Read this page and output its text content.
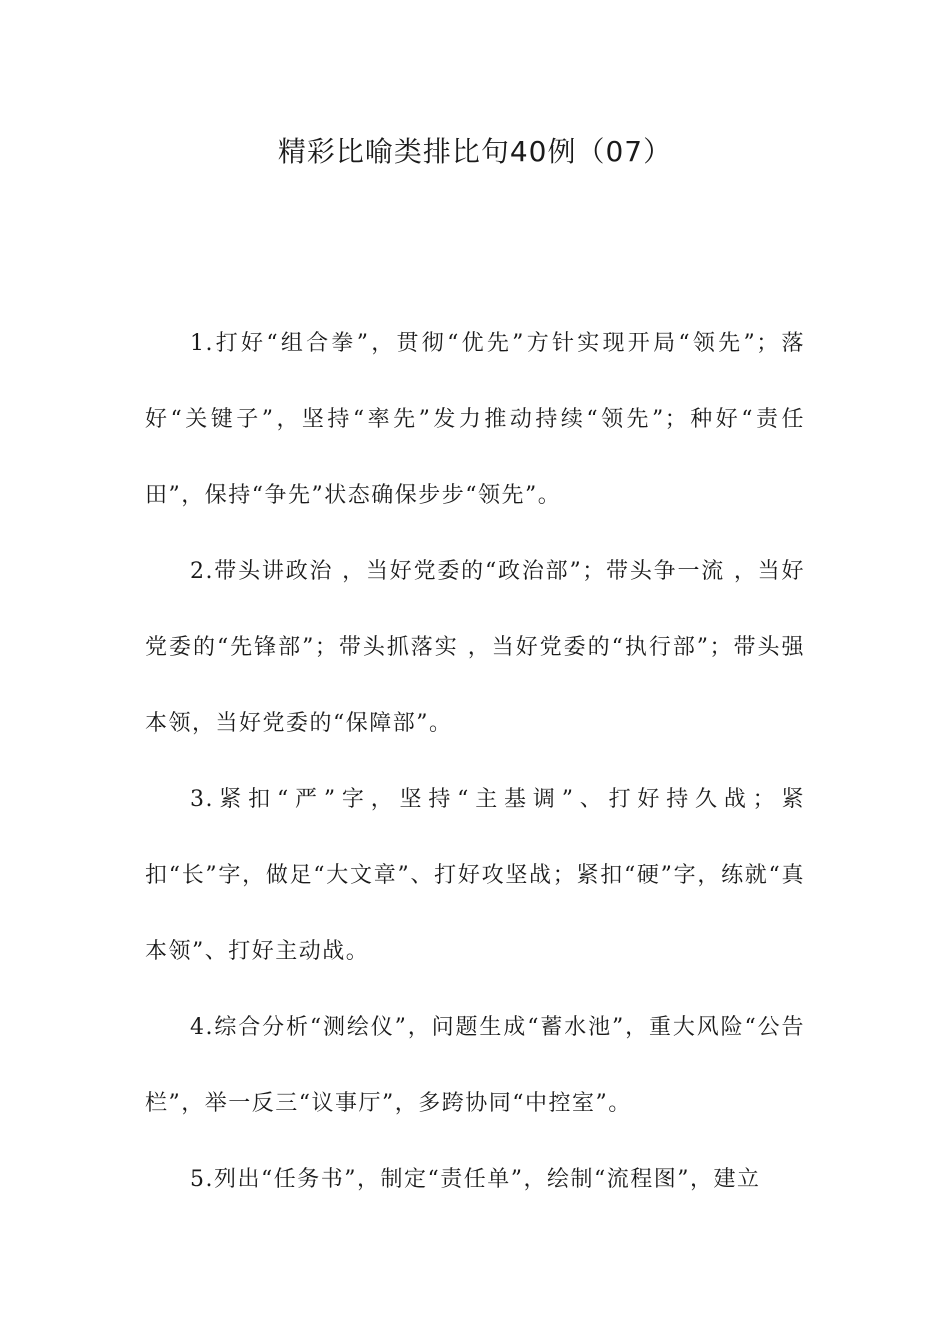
精彩比喻类排比句40例（07）

1.打好“组合拳”，贯彻“优先”方针实现开局“领先”；落好“关键子”，坚持“率先”发力推动持续“领先”；种好“责任田”，保持“争先”状态确保步步“领先”。

2.带头讲政治 ，当好党委的“政治部”；带头争一流 ，当好党委的“先锋部”；带头抓落实 ，当好党委的“执行部”；带头强本领，当好党委的“保障部”。

3.紧扣“严”字，坚持“主基调”、打好持久战；紧扣“长”字，做足“大文章”、打好攻坚战；紧扣“硬”字，练就“真本领”、打好主动战。

4.综合分析“测绘仪”，问题生成“蓄水池”，重大风险“公告栏”，举一反三“议事厅”，多跨协同“中控室”。

5.列出“任务书”，制定“责任单”，绘制“流程图”，建立
